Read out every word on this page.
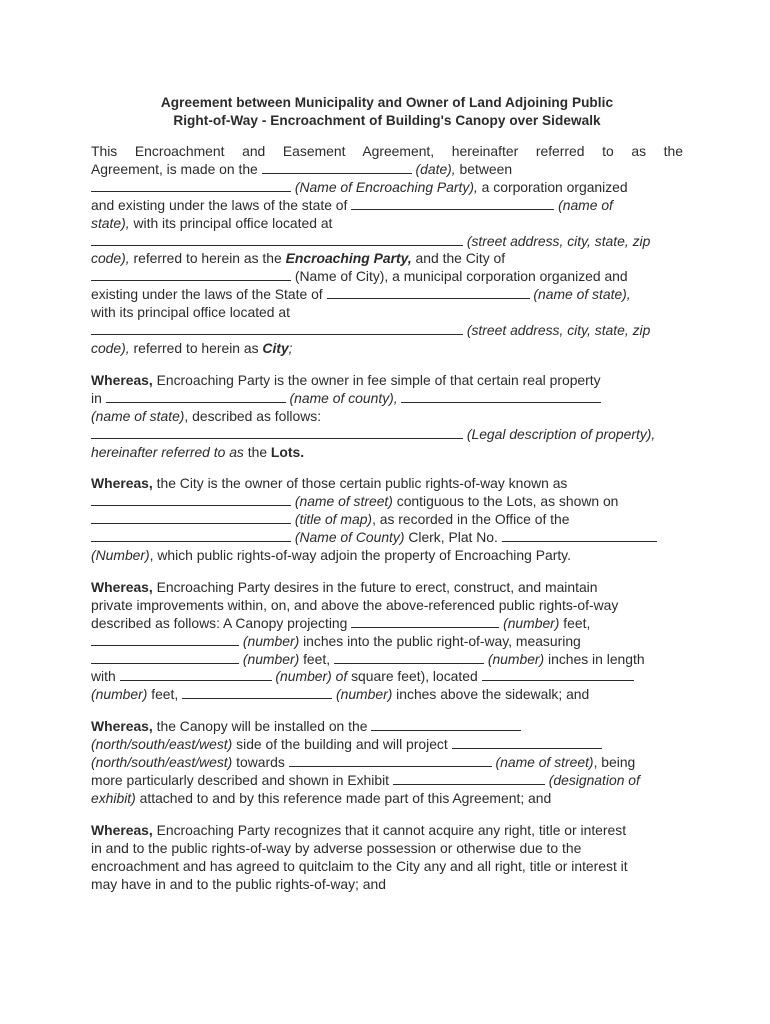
Agreement between Municipality and Owner of Land Adjoining Public
Right-of-Way - Encroachment of Building's Canopy over Sidewalk
This Encroachment and Easement Agreement, hereinafter referred to as the
Agreement, is made on the	(date), between
(Name of Encroaching Party), a corporation organized
and existing under the laws of the state of	(name of
state), with its principal office located at
(street address, city, state, zip
code), referred to herein as the Encroaching Party, and the City of
(Name of City), a municipal corporation organized and
existing under the laws of the State of	(name of state),
with its principal office located at
(street address, city, state, zip
code), referred to herein as City;
Whereas, Encroaching Party is the owner in fee simple of that certain real property
in	(name of county),
(name of state), described as follows:
(Legal description of property),
hereinafter referred to as the Lots.
Whereas, the City is the owner of those certain public rights-of-way known as
(name of street) contiguous to the Lots, as shown on
(title of map), as recorded in the Office of the
(Name of County) Clerk, Plat No.
(Number), which public rights-of-way adjoin the property of Encroaching Party.
Whereas, Encroaching Party desires in the future to erect, construct, and maintain
private improvements within, on, and above the above-referenced public rights-of-way
described as follows: A Canopy projecting	(number) feet,
(number) inches into the public right-of-way, measuring
(number) feet,	(number) inches in length
with	(number) of square feet), located
(number) feet,	(number) inches above the sidewalk; and
Whereas, the Canopy will be installed on the
(north/south/east/west) side of the building and will project
(north/south/east/west) towards	(name of street), being
more particularly described and shown in Exhibit	(designation of
exhibit) attached to and by this reference made part of this Agreement; and
Whereas, Encroaching Party recognizes that it cannot acquire any right, title or interest
in and to the public rights-of-way by adverse possession or otherwise due to the
encroachment and has agreed to quitclaim to the City any and all right, title or interest it
may have in and to the public rights-of-way; and
